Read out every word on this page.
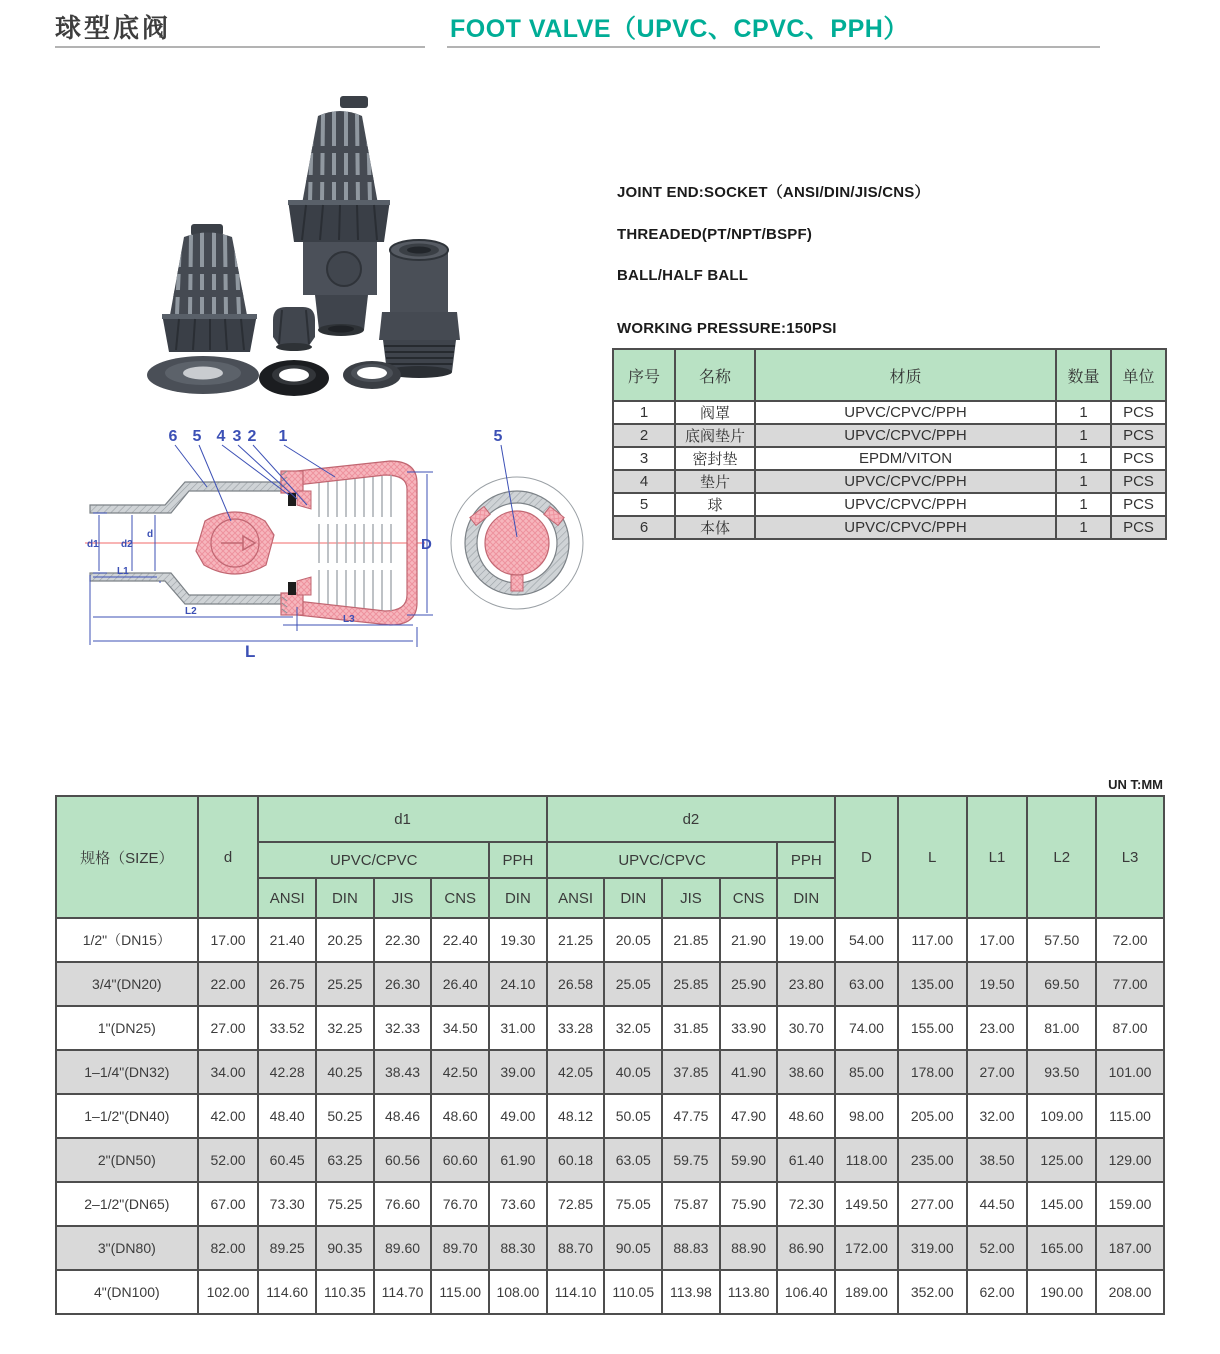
球型底阀	FOOT VALVE（UPVC、CPVC、PPH）
6 5 4 3 2 1
d1 d2
d
L1
L2
L3
L
D
5
JOINT END:SOCKET（ANSI/DIN/JIS/CNS）
THREADED(PT/NPT/BSPF)
BALL/HALF BALL
WORKING PRESSURE:150PSI
序号	名称	材质	数量	单位
1	阀罩	UPVC/CPVC/PPH	1	PCS
2	底阀垫片	UPVC/CPVC/PPH	1	PCS
3	密封垫	EPDM/VITON	1	PCS
4	垫片	UPVC/CPVC/PPH	1	PCS
5	球	UPVC/CPVC/PPH	1	PCS
6	本体	UPVC/CPVC/PPH	1	PCS
UN T:MM
规格（SIZE）	d	d1					d2					D	L	L1	L2	L3
		UPVC/CPVC				PPH	UPVC/CPVC				PPH					
		ANSI	DIN	JIS	CNS	DIN	ANSI	DIN	JIS	CNS	DIN					
1/2"（DN15）	17.00	21.40	20.25	22.30	22.40	19.30	21.25	20.05	21.85	21.90	19.00	54.00	117.00	17.00	57.50	72.00
3/4"(DN20)	22.00	26.75	25.25	26.30	26.40	24.10	26.58	25.05	25.85	25.90	23.80	63.00	135.00	19.50	69.50	77.00
1"(DN25)	27.00	33.52	32.25	32.33	34.50	31.00	33.28	32.05	31.85	33.90	30.70	74.00	155.00	23.00	81.00	87.00
1–1/4"(DN32)	34.00	42.28	40.25	38.43	42.50	39.00	42.05	40.05	37.85	41.90	38.60	85.00	178.00	27.00	93.50	101.00
1–1/2"(DN40)	42.00	48.40	50.25	48.46	48.60	49.00	48.12	50.05	47.75	47.90	48.60	98.00	205.00	32.00	109.00	115.00
2"(DN50)	52.00	60.45	63.25	60.56	60.60	61.90	60.18	63.05	59.75	59.90	61.40	118.00	235.00	38.50	125.00	129.00
2–1/2"(DN65)	67.00	73.30	75.25	76.60	76.70	73.60	72.85	75.05	75.87	75.90	72.30	149.50	277.00	44.50	145.00	159.00
3"(DN80)	82.00	89.25	90.35	89.60	89.70	88.30	88.70	90.05	88.83	88.90	86.90	172.00	319.00	52.00	165.00	187.00
4"(DN100)	102.00	114.60	110.35	114.70	115.00	108.00	114.10	110.05	113.98	113.80	106.40	189.00	352.00	62.00	190.00	208.00
